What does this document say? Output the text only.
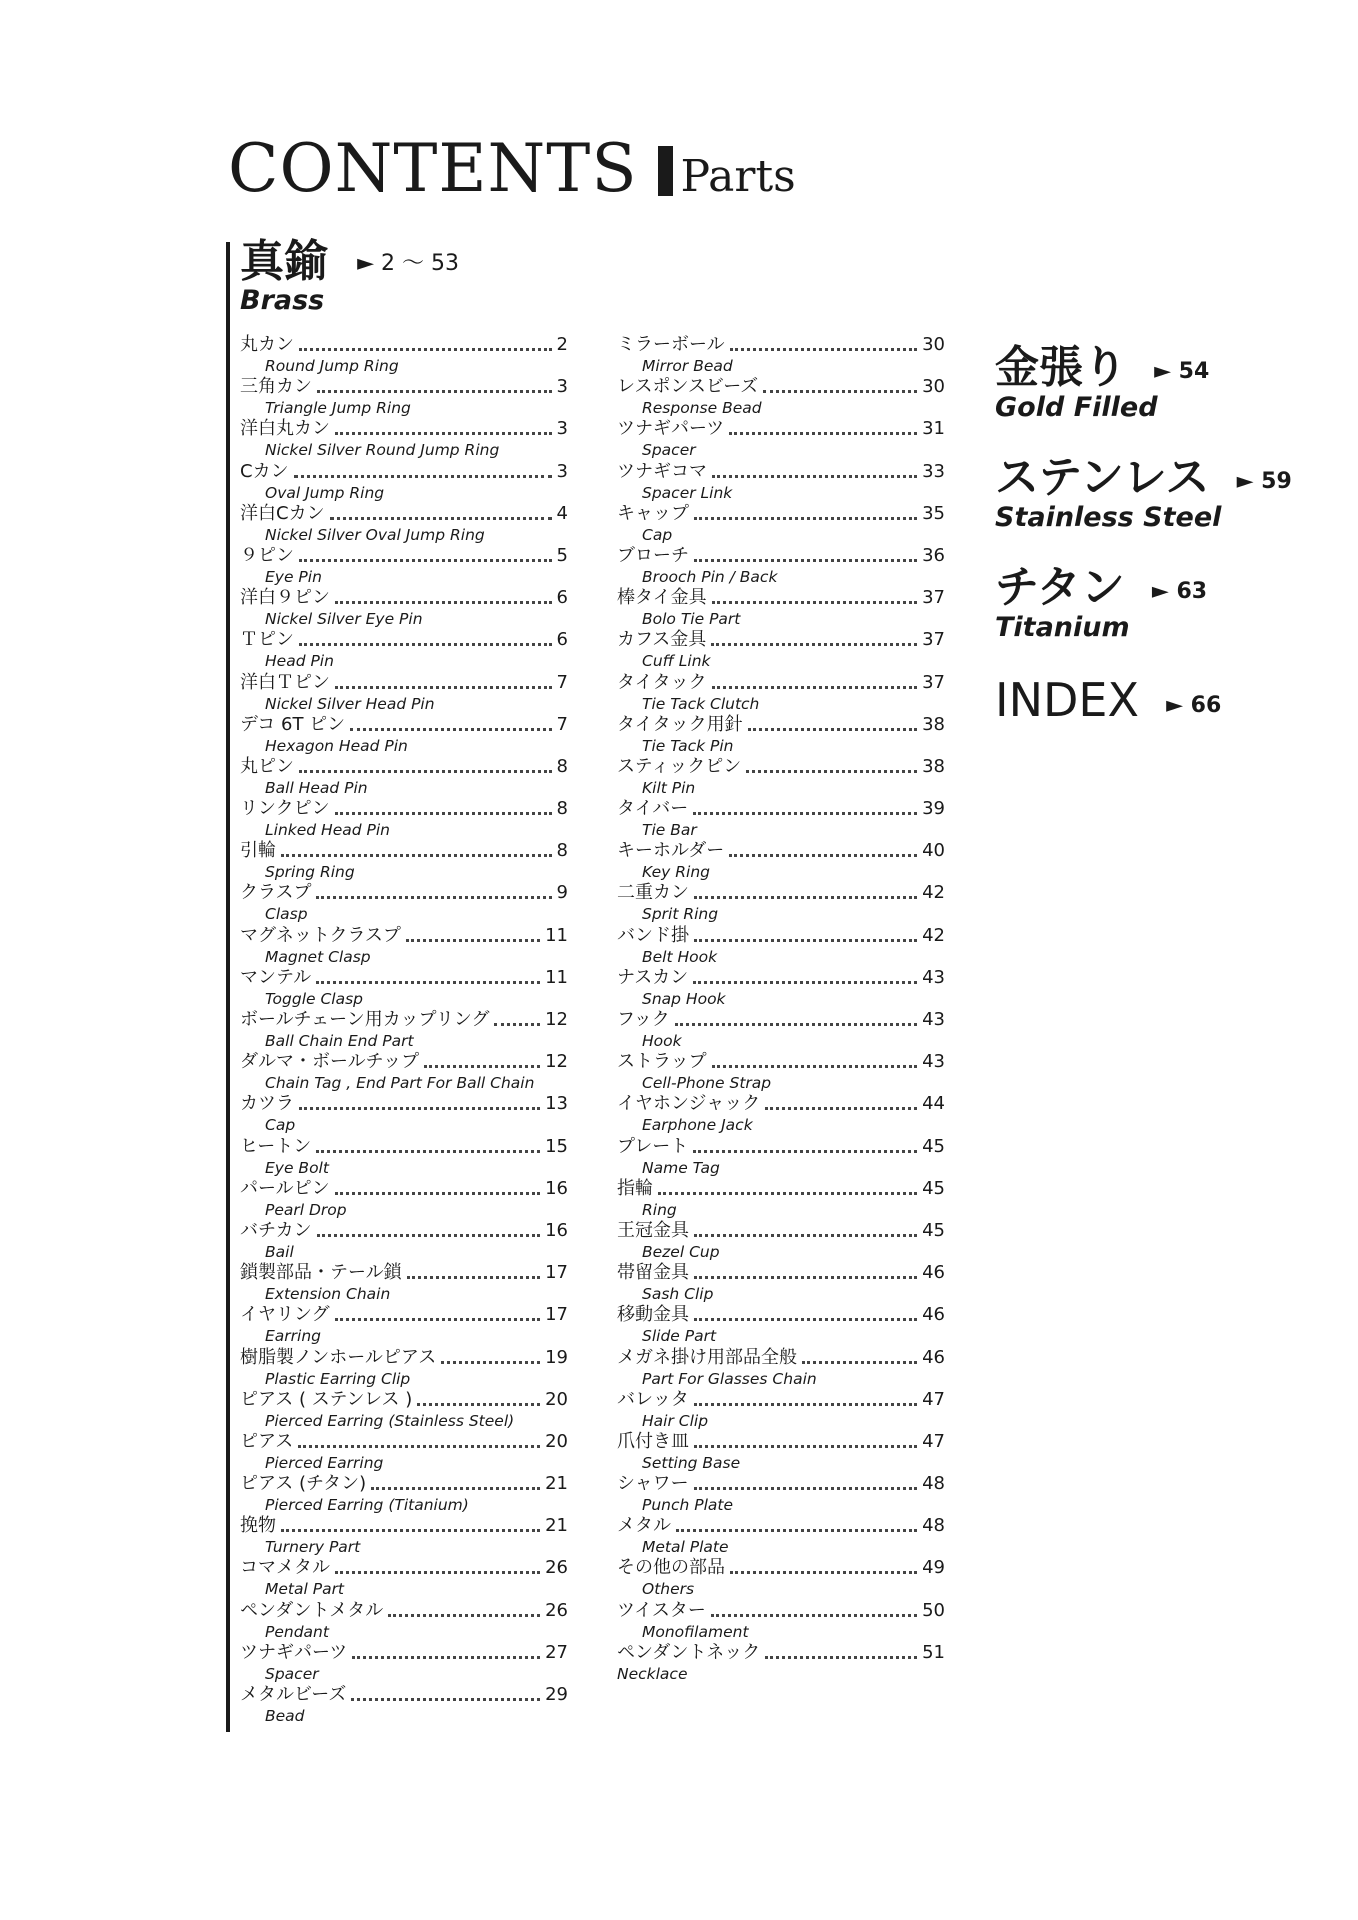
CONTENTS Parts
真鍮 ► 2 ～ 53
Brass
丸カン	2
Round Jump Ring
三角カン	3
Triangle Jump Ring
洋白丸カン	3
Nickel Silver Round Jump Ring
Cカン	3
Oval Jump Ring
洋白Cカン	4
Nickel Silver Oval Jump Ring
９ピン	5
Eye Pin
洋白９ピン	6
Nickel Silver Eye Pin
Ｔピン	6
Head Pin
洋白Ｔピン	7
Nickel Silver Head Pin
デコ 6T ピン	7
Hexagon Head Pin
丸ピン	8
Ball Head Pin
リンクピン	8
Linked Head Pin
引輪	8
Spring Ring
クラスプ	9
Clasp
マグネットクラスプ	11
Magnet Clasp
マンテル	11
Toggle Clasp
ボールチェーン用カップリング	12
Ball Chain End Part
ダルマ・ボールチップ	12
Chain Tag , End Part For Ball Chain
カツラ	13
Cap
ヒートン	15
Eye Bolt
パールピン	16
Pearl Drop
バチカン	16
Bail
鎖製部品・テール鎖	17
Extension Chain
イヤリング	17
Earring
樹脂製ノンホールピアス	19
Plastic Earring Clip
ピアス ( ステンレス )	20
Pierced Earring (Stainless Steel)
ピアス	20
Pierced Earring
ピアス (チタン)	21
Pierced Earring (Titanium)
挽物	21
Turnery Part
コマメタル	26
Metal Part
ペンダントメタル	26
Pendant
ツナギパーツ	27
Spacer
メタルビーズ	29
Bead
ミラーボール	30
Mirror Bead
レスポンスビーズ	30
Response Bead
ツナギパーツ	31
Spacer
ツナギコマ	33
Spacer Link
キャップ	35
Cap
ブローチ	36
Brooch Pin / Back
棒タイ金具	37
Bolo Tie Part
カフス金具	37
Cuff Link
タイタック	37
Tie Tack Clutch
タイタック用針	38
Tie Tack Pin
スティックピン	38
Kilt Pin
タイバー	39
Tie Bar
キーホルダー	40
Key Ring
二重カン	42
Sprit Ring
バンド掛	42
Belt Hook
ナスカン	43
Snap Hook
フック	43
Hook
ストラップ	43
Cell-Phone Strap
イヤホンジャック	44
Earphone Jack
プレート	45
Name Tag
指輪	45
Ring
王冠金具	45
Bezel Cup
帯留金具	46
Sash Clip
移動金具	46
Slide Part
メガネ掛け用部品全般	46
Part For Glasses Chain
バレッタ	47
Hair Clip
爪付き皿	47
Setting Base
シャワー	48
Punch Plate
メタル	48
Metal Plate
その他の部品	49
Others
ツイスター	50
Monofilament
ペンダントネック	51
Necklace
金張り ► 54
Gold Filled
ステンレス ► 59
Stainless Steel
チタン ► 63
Titanium
INDEX ► 66
